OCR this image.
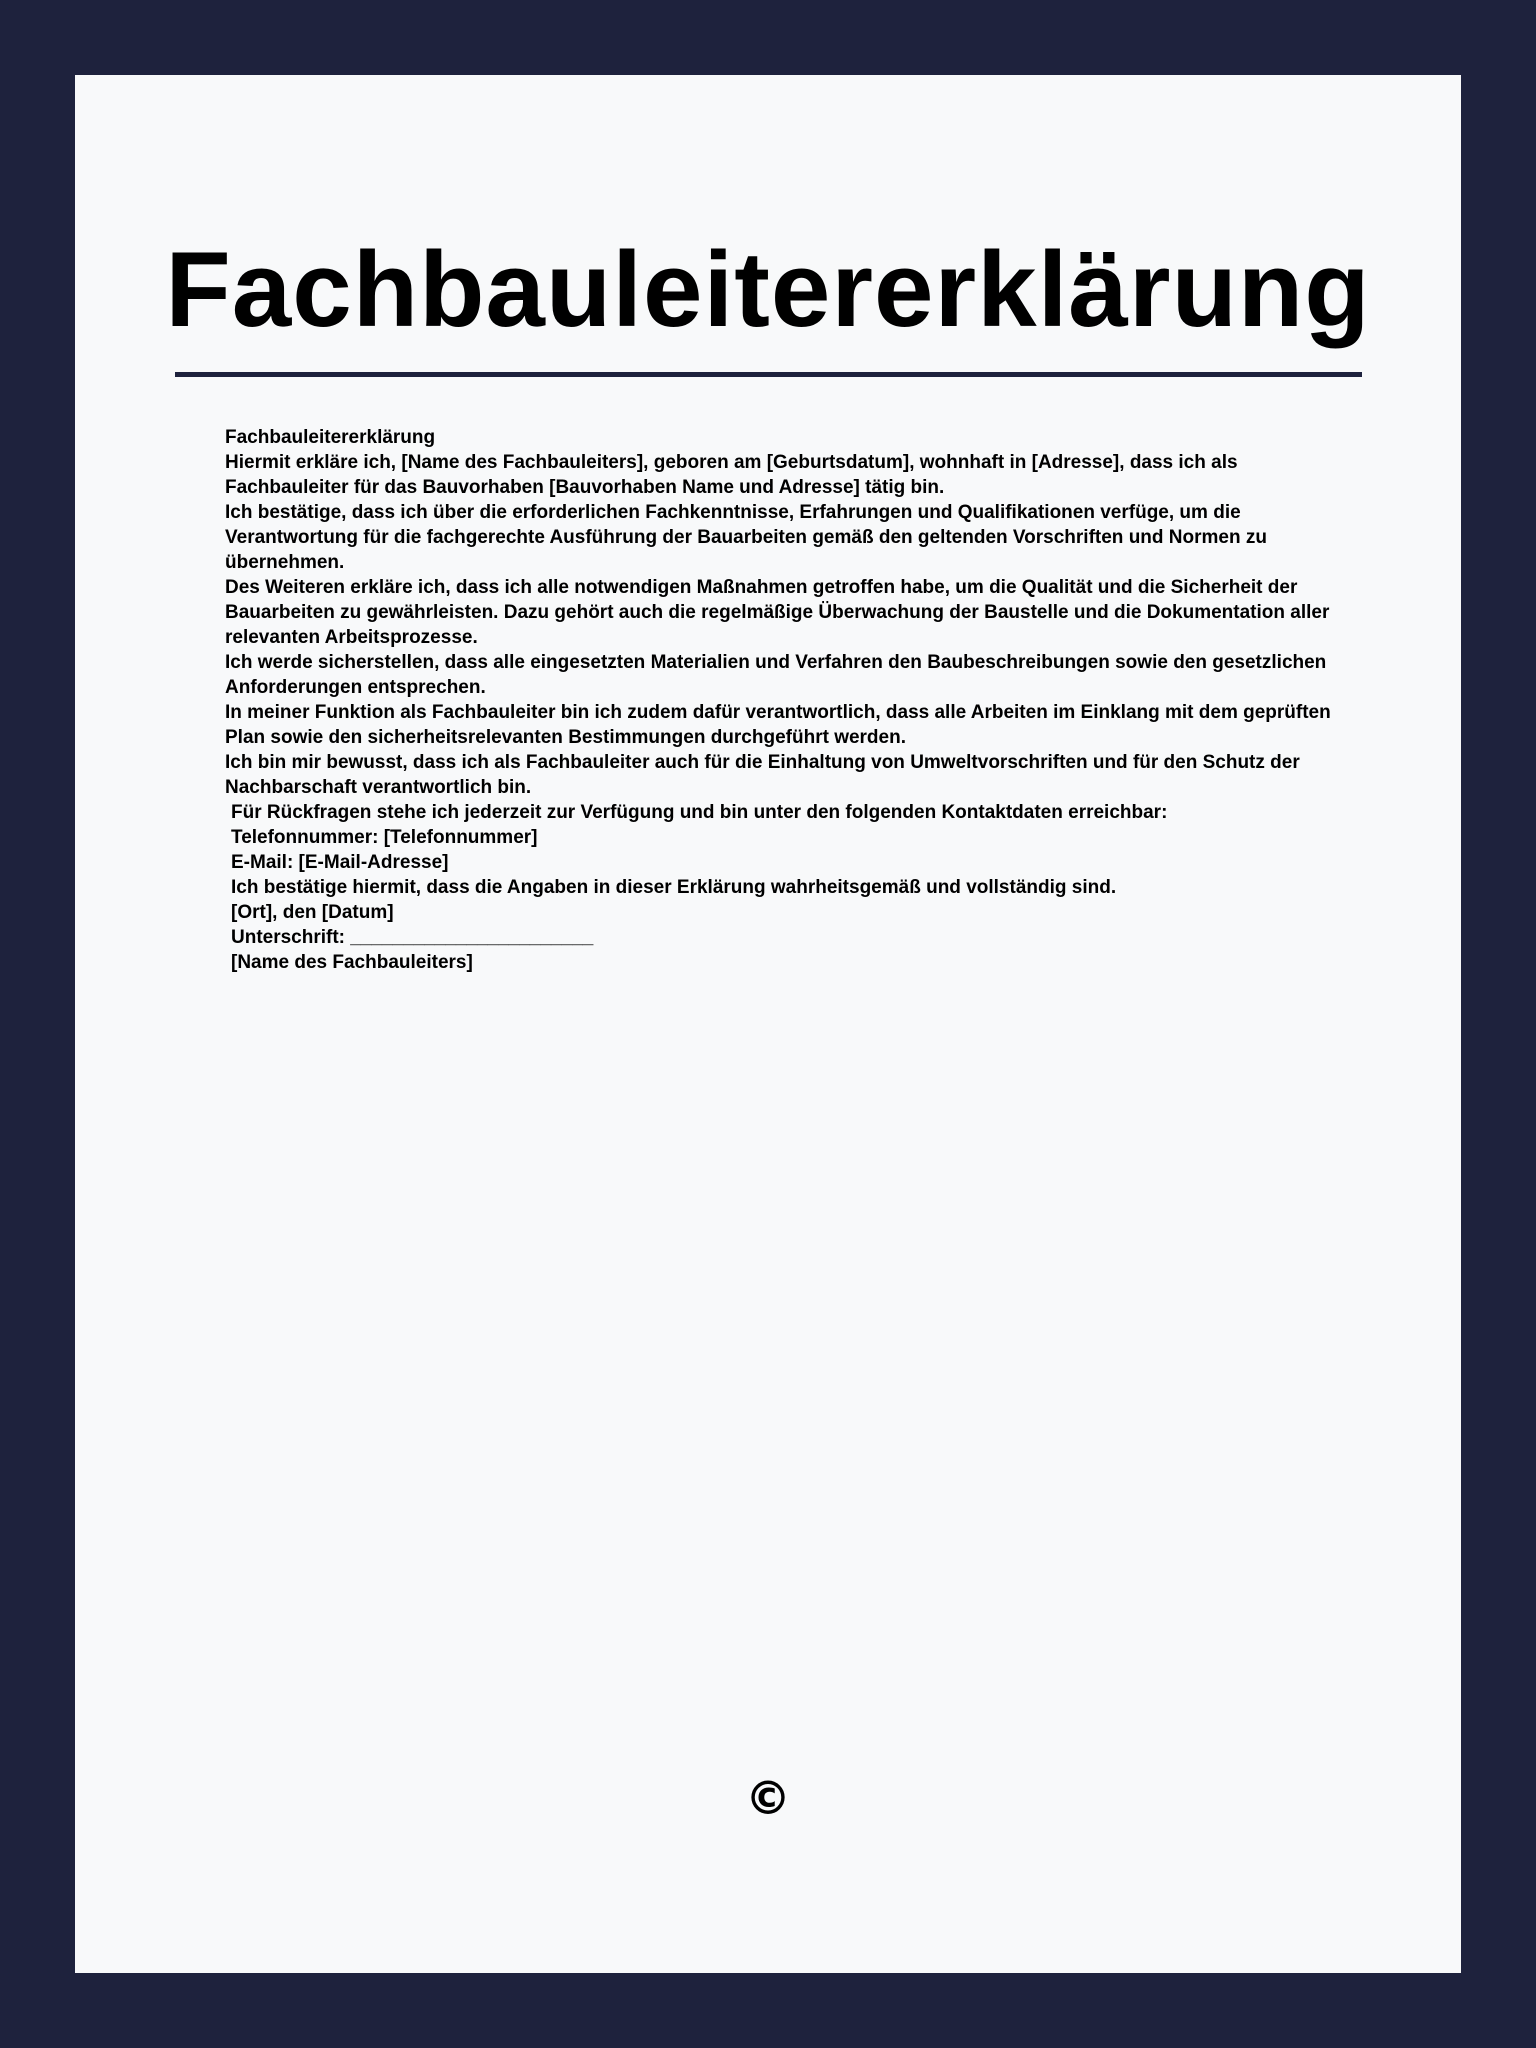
Fachbauleitererklärung

Fachbauleitererklärung

Hiermit erkläre ich, [Name des Fachbauleiters], geboren am [Geburtsdatum], wohnhaft in [Adresse], dass ich als Fachbauleiter für das Bauvorhaben [Bauvorhaben Name und Adresse] tätig bin.

Ich bestätige, dass ich über die erforderlichen Fachkenntnisse, Erfahrungen und Qualifikationen verfüge, um die Verantwortung für die fachgerechte Ausführung der Bauarbeiten gemäß den geltenden Vorschriften und Normen zu übernehmen.

Des Weiteren erkläre ich, dass ich alle notwendigen Maßnahmen getroffen habe, um die Qualität und die Sicherheit der Bauarbeiten zu gewährleisten. Dazu gehört auch die regelmäßige Überwachung der Baustelle und die Dokumentation aller relevanten Arbeitsprozesse.

Ich werde sicherstellen, dass alle eingesetzten Materialien und Verfahren den Baubeschreibungen sowie den gesetzlichen Anforderungen entsprechen.

In meiner Funktion als Fachbauleiter bin ich zudem dafür verantwortlich, dass alle Arbeiten im Einklang mit dem geprüften Plan sowie den sicherheitsrelevanten Bestimmungen durchgeführt werden.

Ich bin mir bewusst, dass ich als Fachbauleiter auch für die Einhaltung von Umweltvorschriften und für den Schutz der Nachbarschaft verantwortlich bin.

Für Rückfragen stehe ich jederzeit zur Verfügung und bin unter den folgenden Kontaktdaten erreichbar:

Telefonnummer: [Telefonnummer]

E-Mail: [E-Mail-Adresse]

Ich bestätige hiermit, dass die Angaben in dieser Erklärung wahrheitsgemäß und vollständig sind.

[Ort], den [Datum]

Unterschrift: _______________________

[Name des Fachbauleiters]

©
